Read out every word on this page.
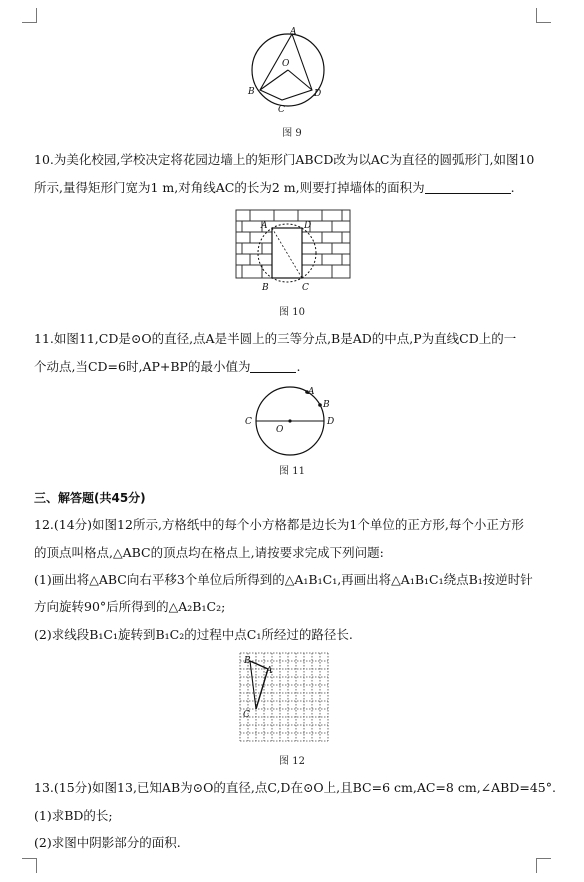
A
O
B
C
D
图 9
10.为美化校园,学校决定将花园边墙上的矩形门ABCD改为以AC为直径的圆弧形门,如图10
所示,量得矩形门宽为1 m,对角线AC的长为2 m,则要打掉墙体的面积为	.
A	D
B	C
图 10
11.如图11,CD是⊙O的直径,点A是半圆上的三等分点,B是AD的中点,P为直线CD上的一
个动点,当CD=6时,AP+BP的最小值为	.
A
B
C
O
D
图 11
三、解答题(共45分)
12.(14分)如图12所示,方格纸中的每个小方格都是边长为1个单位的正方形,每个小正方形
的顶点叫格点,△ABC的顶点均在格点上,请按要求完成下列问题:
(1)画出将△ABC向右平移3个单位后所得到的△A₁B₁C₁,再画出将△A₁B₁C₁绕点B₁按逆时针
方向旋转90°后所得到的△A₂B₁C₂;
(2)求线段B₁C₁旋转到B₁C₂的过程中点C₁所经过的路径长.
B
A
C
图 12
13.(15分)如图13,已知AB为⊙O的直径,点C,D在⊙O上,且BC=6 cm,AC=8 cm,∠ABD=45°.
(1)求BD的长;
(2)求图中阴影部分的面积.
